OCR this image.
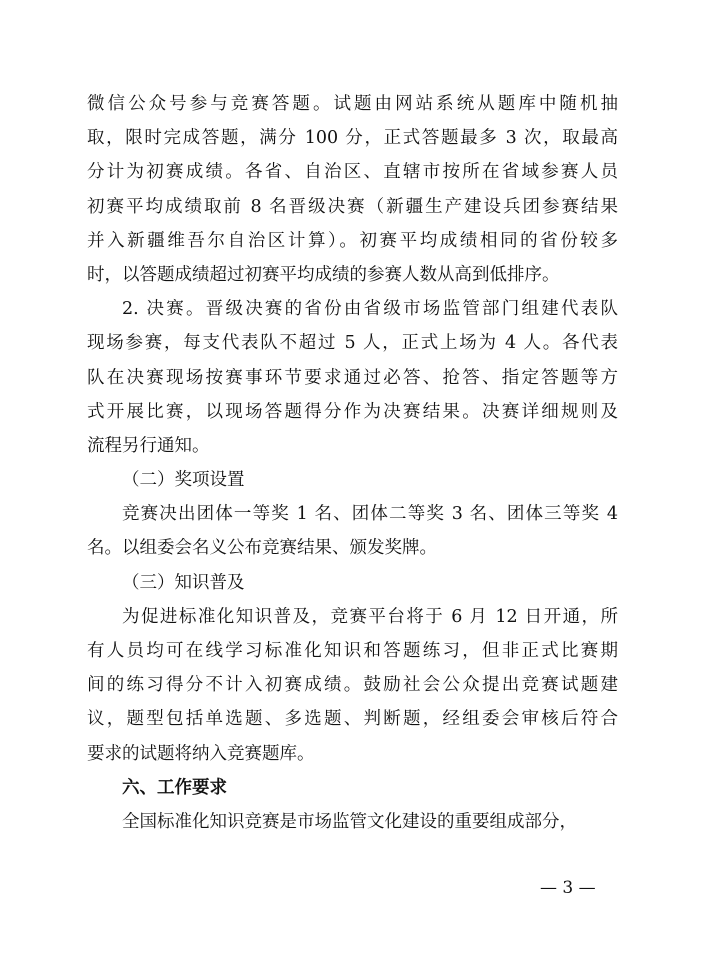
微信公众号参与竞赛答题。试题由网站系统从题库中随机抽
取，限时完成答题，满分 100 分，正式答题最多 3 次，取最高
分计为初赛成绩。各省、自治区、直辖市按所在省域参赛人员
初赛平均成绩取前 8 名晋级决赛（新疆生产建设兵团参赛结果
并入新疆维吾尔自治区计算）。初赛平均成绩相同的省份较多
时，以答题成绩超过初赛平均成绩的参赛人数从高到低排序。
2. 决赛。晋级决赛的省份由省级市场监管部门组建代表队
现场参赛，每支代表队不超过 5 人，正式上场为 4 人。各代表
队在决赛现场按赛事环节要求通过必答、抢答、指定答题等方
式开展比赛，以现场答题得分作为决赛结果。决赛详细规则及
流程另行通知。
（二）奖项设置
竞赛决出团体一等奖 1 名、团体二等奖 3 名、团体三等奖 4
名。以组委会名义公布竞赛结果、颁发奖牌。
（三）知识普及
为促进标准化知识普及，竞赛平台将于 6 月 12 日开通，所
有人员均可在线学习标准化知识和答题练习，但非正式比赛期
间的练习得分不计入初赛成绩。鼓励社会公众提出竞赛试题建
议，题型包括单选题、多选题、判断题，经组委会审核后符合
要求的试题将纳入竞赛题库。
六、工作要求
全国标准化知识竞赛是市场监管文化建设的重要组成部分，
— 3 —
